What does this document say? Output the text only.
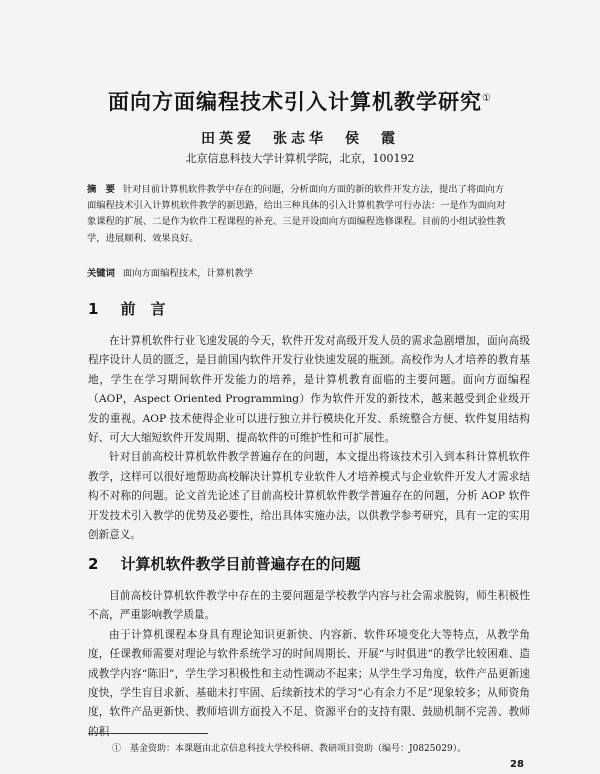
面向方面编程技术引入计算机教学研究①
田英爱　张志华　侯　霞
北京信息科技大学计算机学院，北京，100192
摘　要 针对目前计算机软件教学中存在的问题，分析面向方面的新的软件开发方法，提出了将面向方面编程技术引入计算机软件教学的新思路，给出三种具体的引入计算机教学可行办法：一是作为面向对象课程的扩展、二是作为软件工程课程的补充、三是开设面向方面编程选修课程。目前的小组试验性教学，进展顺利、效果良好。
关键词 面向方面编程技术，计算机教学
1 前　言

在计算机软件行业飞速发展的今天，软件开发对高级开发人员的需求急剧增加，面向高级程序设计人员的匮乏，是目前国内软件开发行业快速发展的瓶颈。高校作为人才培养的教育基地，学生在学习期间软件开发能力的培养，是计算机教育面临的主要问题。面向方面编程（AOP，Aspect Oriented Programming）作为软件开发的新技术，越来越受到企业级开发的重视。AOP 技术使得企业可以进行独立并行模块化开发、系统整合方便、软件复用结构好、可大大缩短软件开发周期、提高软件的可维护性和可扩展性。

针对目前高校计算机软件教学普遍存在的问题，本文提出将该技术引入到本科计算机软件教学，这样可以很好地帮助高校解决计算机专业软件人才培养模式与企业软件开发人才需求结构不对称的问题。论文首先论述了目前高校计算机软件教学普遍存在的问题，分析 AOP 软件开发技术引入教学的优势及必要性，给出具体实施办法，以供教学参考研究，具有一定的实用创新意义。

2 计算机软件教学目前普遍存在的问题

目前高校计算机软件教学中存在的主要问题是学校教学内容与社会需求脱钩，师生积极性不高，严重影响教学质量。

由于计算机课程本身具有理论知识更新快、内容新、软件环境变化大等特点，从教学角度，任课教师需要对理论与软件系统学习的时间周期长、开展“与时俱进”的教学比较困难、造成教学内容“陈旧”，学生学习积极性和主动性调动不起来；从学生学习角度，软件产品更新速度快，学生盲目求新、基础未打牢固、后续新技术的学习“心有余力不足”现象较多；从师资角度，软件产品更新快、教师培训方面投入不足、资源平台的支持有限、鼓励机制不完善、教师的积

①　基金资助：本课题由北京信息科技大学校科研、教研项目资助（编号：J0825029）。
28
